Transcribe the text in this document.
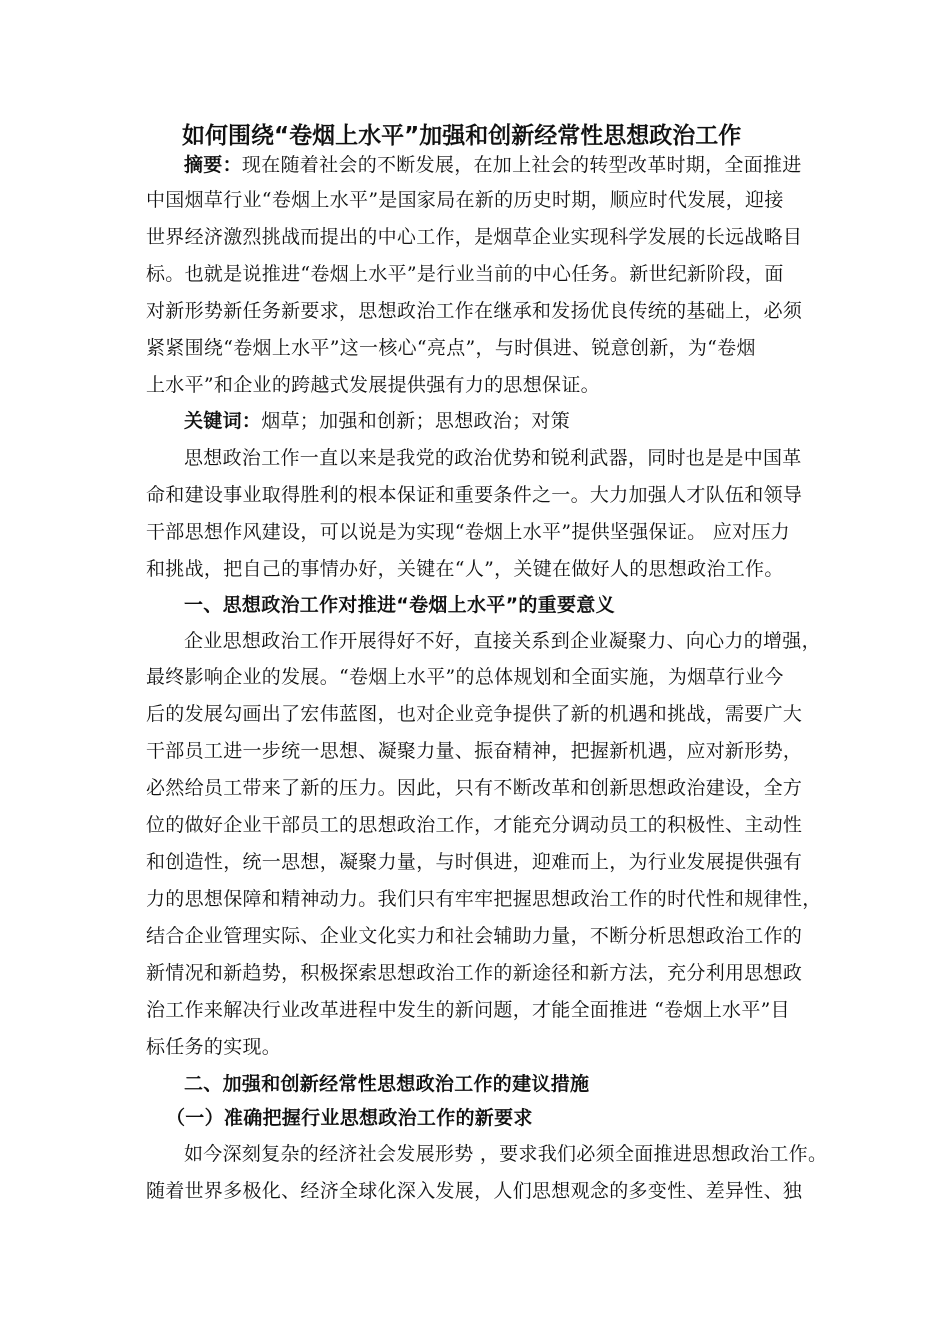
如何围绕“卷烟上水平”加强和创新经常性思想政治工作
摘要：现在随着社会的不断发展，在加上社会的转型改革时期，全面推进
中国烟草行业“卷烟上水平”是国家局在新的历史时期，顺应时代发展，迎接
世界经济激烈挑战而提出的中心工作，是烟草企业实现科学发展的长远战略目
标。也就是说推进“卷烟上水平”是行业当前的中心任务。新世纪新阶段，面
对新形势新任务新要求，思想政治工作在继承和发扬优良传统的基础上，必须
紧紧围绕“卷烟上水平”这一核心“亮点”，与时俱进、锐意创新，为“卷烟
上水平”和企业的跨越式发展提供强有力的思想保证。
关键词：烟草；加强和创新；思想政治；对策
思想政治工作一直以来是我党的政治优势和锐利武器，同时也是是中国革
命和建设事业取得胜利的根本保证和重要条件之一。大力加强人才队伍和领导
干部思想作风建设，可以说是为实现“卷烟上水平”提供坚强保证。 应对压力
和挑战，把自己的事情办好，关键在“人”，关键在做好人的思想政治工作。
一、思想政治工作对推进“卷烟上水平”的重要意义
企业思想政治工作开展得好不好，直接关系到企业凝聚力、向心力的增强，
最终影响企业的发展。“卷烟上水平”的总体规划和全面实施，为烟草行业今
后的发展勾画出了宏伟蓝图，也对企业竞争提供了新的机遇和挑战，需要广大
干部员工进一步统一思想、凝聚力量、振奋精神，把握新机遇，应对新形势，
必然给员工带来了新的压力。因此，只有不断改革和创新思想政治建设，全方
位的做好企业干部员工的思想政治工作，才能充分调动员工的积极性、主动性
和创造性，统一思想，凝聚力量，与时俱进，迎难而上，为行业发展提供强有
力的思想保障和精神动力。我们只有牢牢把握思想政治工作的时代性和规律性，
结合企业管理实际、企业文化实力和社会辅助力量，不断分析思想政治工作的
新情况和新趋势，积极探索思想政治工作的新途径和新方法，充分利用思想政
治工作来解决行业改革进程中发生的新问题，才能全面推进 “卷烟上水平”目
标任务的实现。
二、加强和创新经常性思想政治工作的建议措施
（一）准确把握行业思想政治工作的新要求
如今深刻复杂的经济社会发展形势 ，要求我们必须全面推进思想政治工作。
随着世界多极化、经济全球化深入发展，人们思想观念的多变性、差异性、独
